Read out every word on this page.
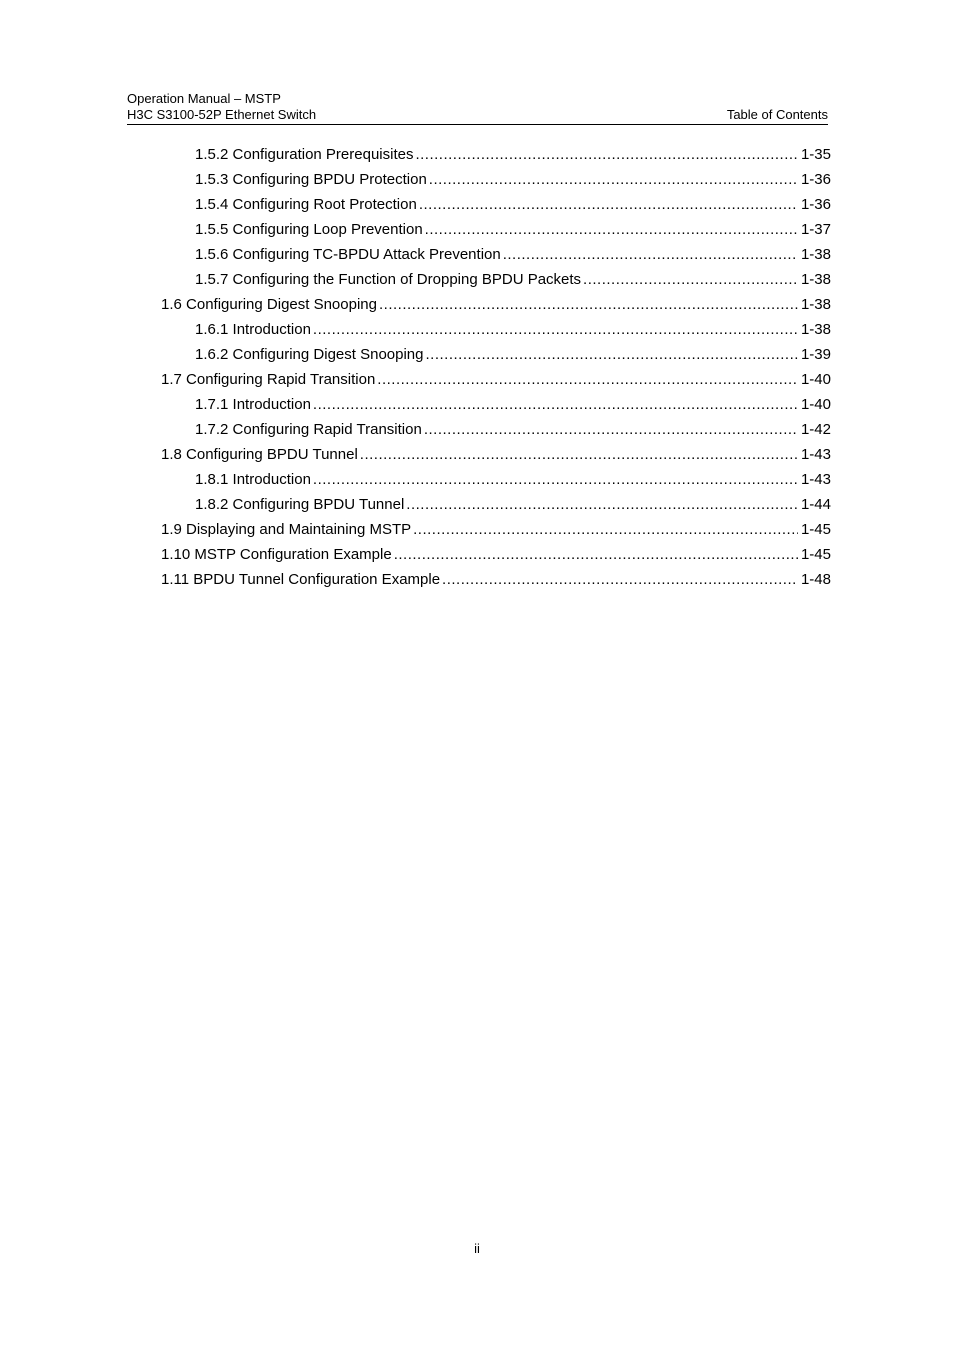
Operation Manual – MSTP
H3C S3100-52P Ethernet Switch	Table of Contents
1.5.2 Configuration Prerequisites .....	1-35
1.5.3 Configuring BPDU Protection .....	1-36
1.5.4 Configuring Root Protection .....	1-36
1.5.5 Configuring Loop Prevention .....	1-37
1.5.6 Configuring TC-BPDU Attack Prevention .....	1-38
1.5.7 Configuring the Function of Dropping BPDU Packets .....	1-38
1.6 Configuring Digest Snooping .....	1-38
1.6.1 Introduction .....	1-38
1.6.2 Configuring Digest Snooping .....	1-39
1.7 Configuring Rapid Transition .....	1-40
1.7.1 Introduction .....	1-40
1.7.2 Configuring Rapid Transition .....	1-42
1.8 Configuring BPDU Tunnel .....	1-43
1.8.1 Introduction .....	1-43
1.8.2 Configuring BPDU Tunnel .....	1-44
1.9 Displaying and Maintaining MSTP .....	1-45
1.10 MSTP Configuration Example .....	1-45
1.11 BPDU Tunnel Configuration Example .....	1-48
ii
